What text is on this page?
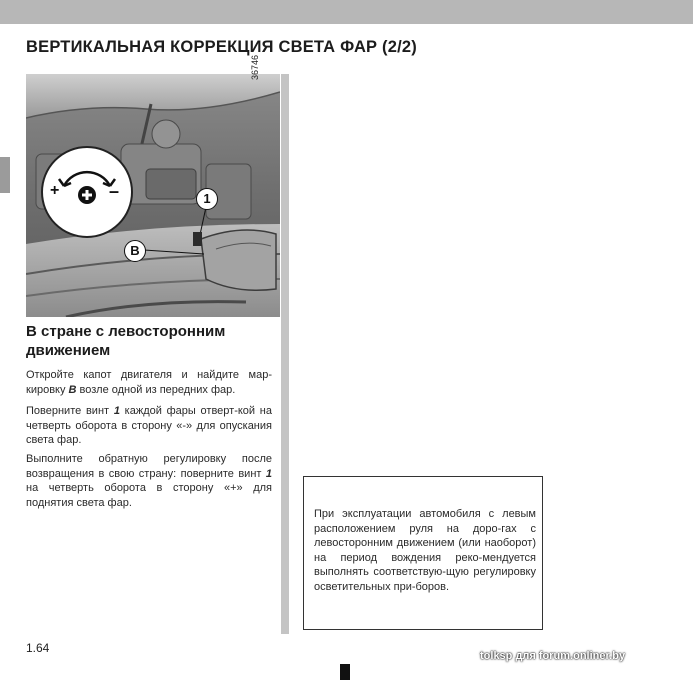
ВЕРТИКАЛЬНАЯ КОРРЕКЦИЯ СВЕТА ФАР (2/2)
+	–	1
B
36746
В стране с левосторонним движением

Откройте капот двигателя и найдите мар-кировку B возле одной из передних фар.

Поверните винт 1 каждой фары отверт-кой на четверть оборота в сторону «-» для опускания света фар.

Выполните обратную регулировку после возвращения в свою страну: поверните винт 1 на четверть оборота в сторону «+» для поднятия света фар.

При эксплуатации автомобиля с левым расположением руля на доро-гах с левосторонним движением (или наоборот) на период вождения реко-мендуется выполнять соответствую-щую регулировку осветительных при-боров.

1.64
tolksp для forum.onliner.by
